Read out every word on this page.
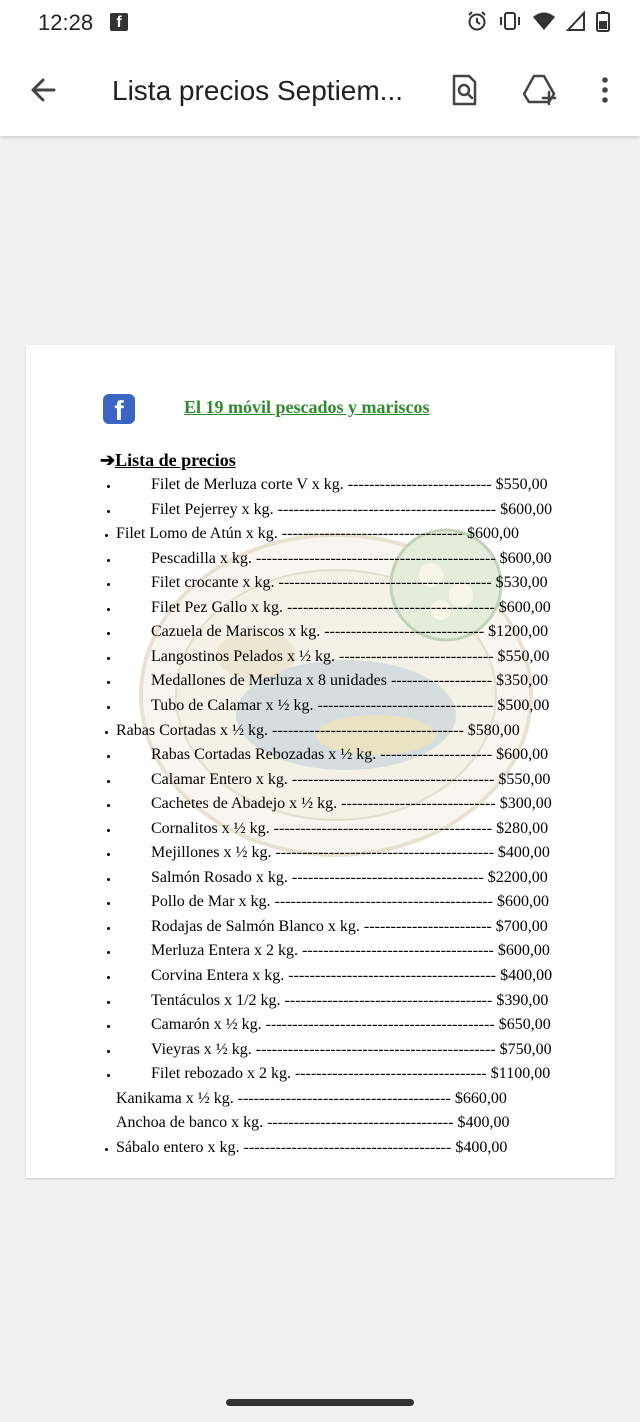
12:28	f
Lista precios Septiem...
f	El 19 móvil pescados y mariscos
➔Lista de precios
Filet de Merluza corte V x kg. --------------------------- $550,00
Filet Pejerrey x kg. ----------------------------------------- $600,00
Filet Lomo de Atún x kg. ---------------------------------- $600,00
Pescadilla x kg. --------------------------------------------- $600,00
Filet crocante x kg. ---------------------------------------- $530,00
Filet Pez Gallo x kg. --------------------------------------- $600,00
Cazuela de Mariscos x kg. ------------------------------ $1200,00
Langostinos Pelados x ½ kg. ----------------------------- $550,00
Medallones de Merluza x 8 unidades ------------------- $350,00
Tubo de Calamar x ½ kg. --------------------------------- $500,00
Rabas Cortadas x ½ kg. ------------------------------------ $580,00
Rabas Cortadas Rebozadas x ½ kg. --------------------- $600,00
Calamar Entero x kg. -------------------------------------- $550,00
Cachetes de Abadejo x ½ kg. ----------------------------- $300,00
Cornalitos x ½ kg. ----------------------------------------- $280,00
Mejillones x ½ kg. ----------------------------------------- $400,00
Salmón Rosado x kg. ------------------------------------ $2200,00
Pollo de Mar x kg. ----------------------------------------- $600,00
Rodajas de Salmón Blanco x kg. ------------------------ $700,00
Merluza Entera x 2 kg. ------------------------------------ $600,00
Corvina Entera x kg. --------------------------------------- $400,00
Tentáculos x 1/2 kg. --------------------------------------- $390,00
Camarón x ½ kg. ------------------------------------------- $650,00
Vieyras x ½ kg. --------------------------------------------- $750,00
Filet rebozado x 2 kg. ------------------------------------ $1100,00
Kanikama x ½ kg. ---------------------------------------- $660,00
Anchoa de banco x kg. ----------------------------------- $400,00
Sábalo entero x kg. --------------------------------------- $400,00
